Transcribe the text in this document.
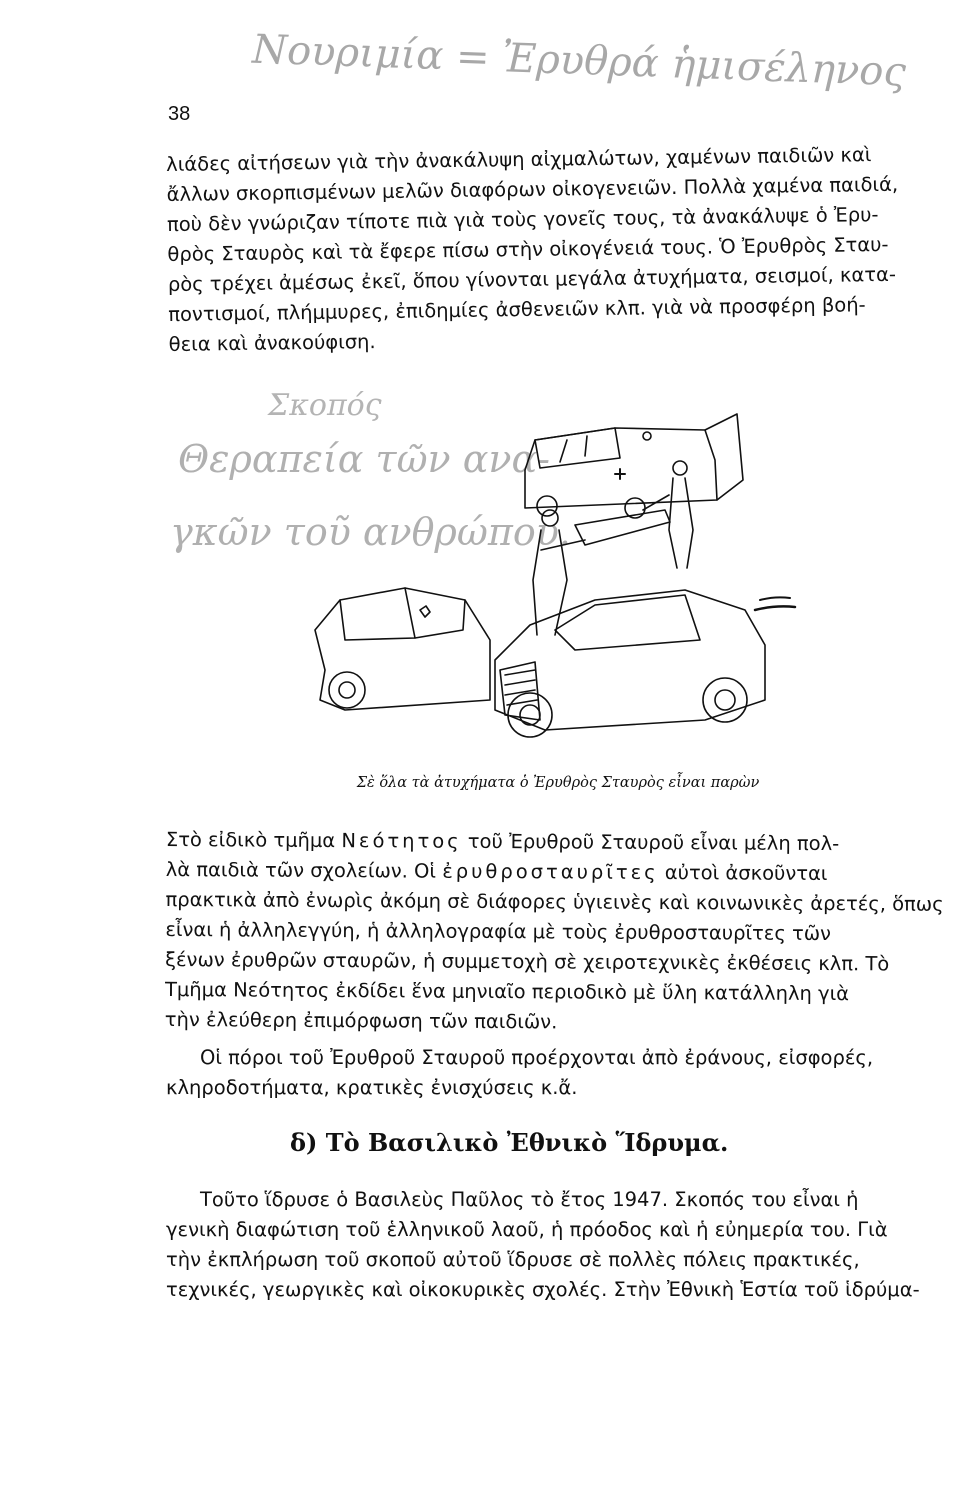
Νουριμία = Ἐρυθρά ἡμισέληνος
38
Σκοπός
Θεραπεία τῶν ανα-
γκῶν τοῦ ανθρώπου.
λιάδες αἰτήσεων γιὰ τὴν ἀνακάλυψη αἰχμαλώτων, χαμένων παιδιῶν καὶ
ἄλλων σκορπισμένων μελῶν διαφόρων οἰκογενειῶν. Πολλὰ χαμένα παιδιά,
ποὺ δὲν γνώριζαν τίποτε πιὰ γιὰ τοὺς γονεῖς τους, τὰ ἀνακάλυψε ὁ Ἐρυ-
θρὸς Σταυρὸς καὶ τὰ ἔφερε πίσω στὴν οἰκογένειά τους. Ὁ Ἐρυθρὸς Σταυ-
ρὸς τρέχει ἀμέσως ἐκεῖ, ὅπου γίνονται μεγάλα ἀτυχήματα, σεισμοί, κατα-
ποντισμοί, πλήμμυρες, ἐπιδημίες ἀσθενειῶν κλπ. γιὰ νὰ προσφέρη βοή-
θεια καὶ ἀνακούφιση.
Σὲ ὅλα τὰ ἀτυχήματα ὁ Ἐρυθρὸς Σταυρὸς εἶναι παρὼν
Στὸ εἰδικὸ τμῆμα Νεότητος τοῦ Ἐρυθροῦ Σταυροῦ εἶναι μέλη πολ-
λὰ παιδιὰ τῶν σχολείων. Οἱ ἐρυθροσταυρῖτες αὐτοὶ ἀσκοῦνται
πρακτικὰ ἀπὸ ἐνωρὶς ἀκόμη σὲ διάφορες ὑγιεινὲς καὶ κοινωνικὲς ἀρετές, ὅπως
εἶναι ἡ ἀλληλεγγύη, ἡ ἀλληλογραφία μὲ τοὺς ἐρυθροσταυρῖτες τῶν
ξένων ἐρυθρῶν σταυρῶν, ἡ συμμετοχὴ σὲ χειροτεχνικὲς ἐκθέσεις κλπ. Τὸ
Τμῆμα Νεότητος ἐκδίδει ἕνα μηνιαῖο περιοδικὸ μὲ ὕλη κατάλληλη γιὰ
τὴν ἐλεύθερη ἐπιμόρφωση τῶν παιδιῶν.
Οἱ πόροι τοῦ Ἐρυθροῦ Σταυροῦ προέρχονται ἀπὸ ἐράνους, εἰσφορές,
κληροδοτήματα, κρατικὲς ἐνισχύσεις κ.ἄ.
δ) Τὸ Βασιλικὸ Ἐθνικὸ Ἵδρυμα.
Τοῦτο ἵδρυσε ὁ Βασιλεὺς Παῦλος τὸ ἔτος 1947. Σκοπός του εἶναι ἡ
γενικὴ διαφώτιση τοῦ ἑλληνικοῦ λαοῦ, ἡ πρόοδος καὶ ἡ εὐημερία του. Γιὰ
τὴν ἐκπλήρωση τοῦ σκοποῦ αὐτοῦ ἵδρυσε σὲ πολλὲς πόλεις πρακτικές,
τεχνικές, γεωργικὲς καὶ οἰκοκυρικὲς σχολές. Στὴν Ἐθνικὴ Ἑστία τοῦ ἱδρύμα-
